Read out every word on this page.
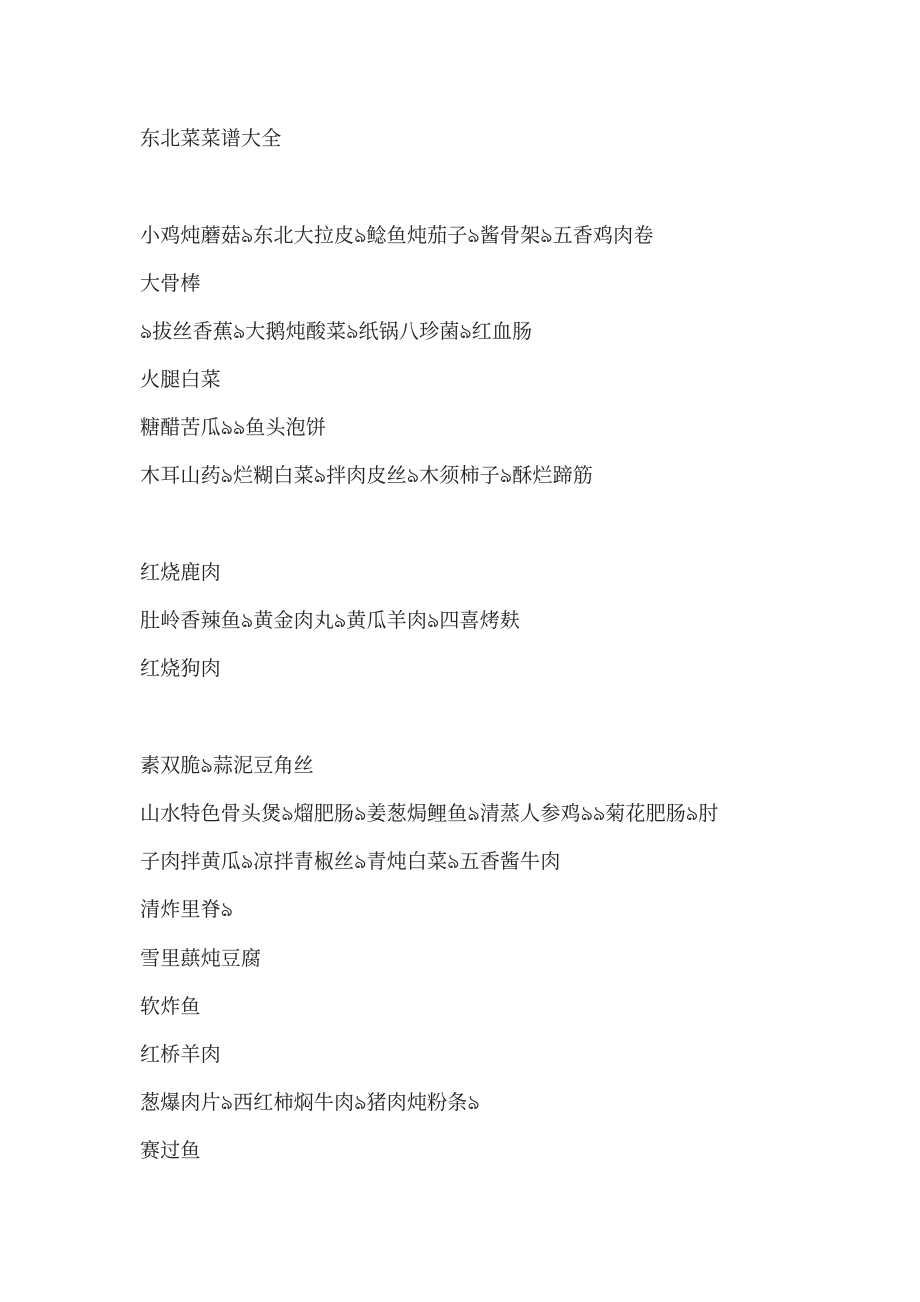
东北菜菜谱大全
小鸡炖蘑菇ঌ东北大拉皮ঌ鲶鱼炖茄子ঌ酱骨架ঌ五香鸡肉卷
大骨棒
ঌ拔丝香蕉ঌ大鹅炖酸菜ঌ纸锅八珍菌ঌ红血肠
火腿白菜
糖醋苦瓜ঌঌ鱼头泡饼
木耳山药ঌ烂糊白菜ঌ拌肉皮丝ঌ木须柿子ঌ酥烂蹄筋
红烧鹿肉
肚岭香辣鱼ঌ黄金肉丸ঌ黄瓜羊肉ঌ四喜烤麸
红烧狗肉
素双脆ঌ蒜泥豆角丝
山水特色骨头煲ঌ熘肥肠ঌ姜葱焗鲤鱼ঌ清蒸人参鸡ঌঌ菊花肥肠ঌ肘
子肉拌黄瓜ঌ凉拌青椒丝ঌ青炖白菜ঌ五香酱牛肉
清炸里脊ঌ
雪里蕻炖豆腐
软炸鱼
红桥羊肉
葱爆肉片ঌ西红柿焖牛肉ঌ猪肉炖粉条ঌ
赛过鱼
